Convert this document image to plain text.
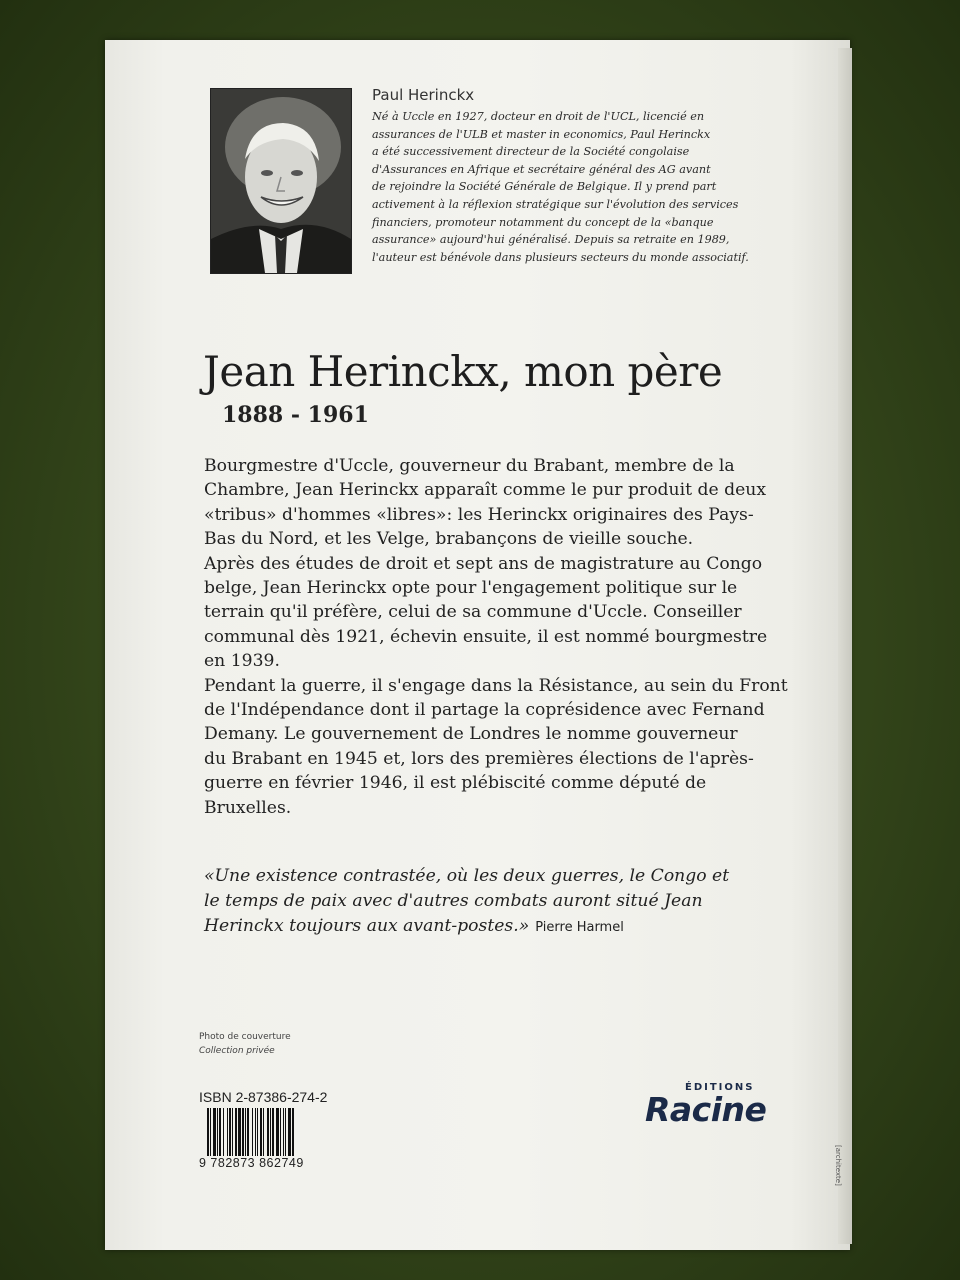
Paul Herinckx
Né à Uccle en 1927, docteur en droit de l'UCL, licencié en
assurances de l'ULB et master in economics, Paul Herinckx
a été successivement directeur de la Société congolaise
d'Assurances en Afrique et secrétaire général des AG avant
de rejoindre la Société Générale de Belgique. Il y prend part
activement à la réflexion stratégique sur l'évolution des services
financiers, promoteur notamment du concept de la «banque
assurance» aujourd'hui généralisé. Depuis sa retraite en 1989,
l'auteur est bénévole dans plusieurs secteurs du monde associatif.
Jean Herinckx, mon père
1888 - 1961
Bourgmestre d'Uccle, gouverneur du Brabant, membre de la
Chambre, Jean Herinckx apparaît comme le pur produit de deux
«tribus» d'hommes «libres»: les Herinckx originaires des Pays-
Bas du Nord, et les Velge, brabançons de vieille souche.
Après des études de droit et sept ans de magistrature au Congo
belge, Jean Herinckx opte pour l'engagement politique sur le
terrain qu'il préfère, celui de sa commune d'Uccle. Conseiller
communal dès 1921, échevin ensuite, il est nommé bourgmestre
en 1939.
Pendant la guerre, il s'engage dans la Résistance, au sein du Front
de l'Indépendance dont il partage la coprésidence avec Fernand
Demany. Le gouvernement de Londres le nomme gouverneur
du Brabant en 1945 et, lors des premières élections de l'après-
guerre en février 1946, il est plébiscité comme député de
Bruxelles.
«Une existence contrastée, où les deux guerres, le Congo et
le temps de paix avec d'autres combats auront situé Jean
Herinckx toujours aux avant-postes.» Pierre Harmel
Photo de couverture
Collection privée
ISBN 2-87386-274-2
9 782873 862749
ÉDITIONS
Racine
[architexte]
